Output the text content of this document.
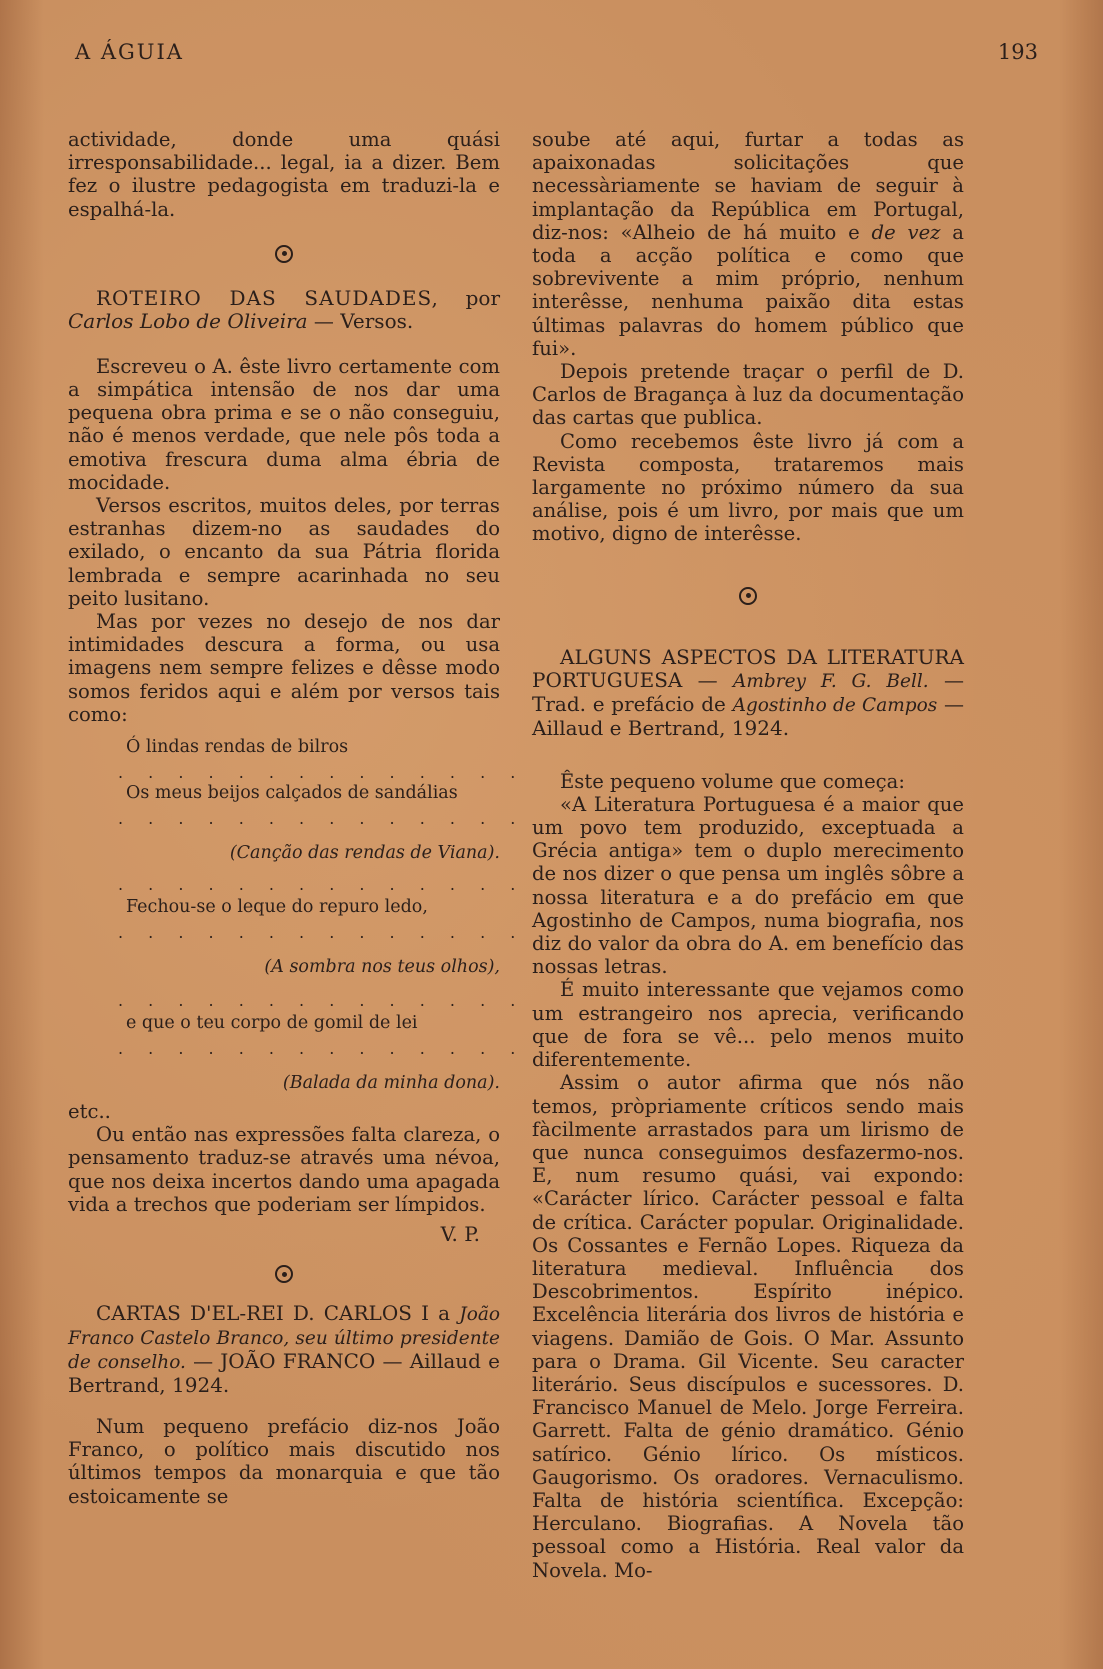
A ÁGUIA	193

actividade, donde uma quási irresponsabilidade... legal, ia a dizer. Bem fez o ilustre pedagogista em traduzi-la e espalhá-la.

ROTEIRO DAS SAUDADES, por Carlos Lobo de Oliveira — Versos.

Escreveu o A. êste livro certamente com a simpática intensão de nos dar uma pequena obra prima e se o não conseguiu, não é menos verdade, que nele pôs toda a emotiva frescura duma alma ébria de mocidade.

Versos escritos, muitos deles, por terras estranhas dizem-no as saudades do exilado, o encanto da sua Pátria florida lembrada e sempre acarinhada no seu peito lusitano.

Mas por vezes no desejo de nos dar intimidades descura a forma, ou usa imagens nem sempre felizes e dêsse modo somos feridos aqui e além por versos tais como:

Ó lindas rendas de bilros
. . . . . . . . . . . . . .
Os meus beijos calçados de sandálias
. . . . . . . . . . . . . .
(Canção das rendas de Viana).
. . . . . . . . . . . . . .
Fechou-se o leque do repuro ledo,
. . . . . . . . . . . . . .
(A sombra nos teus olhos),
. . . . . . . . . . . . . .
e que o teu corpo de gomil de lei
. . . . . . . . . . . . . .
(Balada da minha dona).

etc..

Ou então nas expressões falta clareza, o pensamento traduz-se através uma névoa, que nos deixa incertos dando uma apagada vida a trechos que poderiam ser límpidos.

V. P.

CARTAS D'EL-REI D. CARLOS I a João Franco Castelo Branco, seu último presidente de conselho. — JOÃO FRANCO — Aillaud e Bertrand, 1924.

Num pequeno prefácio diz-nos João Franco, o político mais discutido nos últimos tempos da monarquia e que tão estoicamente se

soube até aqui, furtar a todas as apaixonadas solicitações que necessàriamente se haviam de seguir à implantação da República em Portugal, diz-nos: «Alheio de há muito e de vez a toda a acção política e como que sobrevivente a mim próprio, nenhum interêsse, nenhuma paixão dita estas últimas palavras do homem público que fui».

Depois pretende traçar o perfil de D. Carlos de Bragança à luz da documentação das cartas que publica.

Como recebemos êste livro já com a Revista composta, trataremos mais largamente no próximo número da sua análise, pois é um livro, por mais que um motivo, digno de interêsse.

ALGUNS ASPECTOS DA LITERATURA PORTUGUESA — Ambrey F. G. Bell. — Trad. e prefácio de Agostinho de Campos — Aillaud e Bertrand, 1924.

Êste pequeno volume que começa:

«A Literatura Portuguesa é a maior que um povo tem produzido, exceptuada a Grécia antiga» tem o duplo merecimento de nos dizer o que pensa um inglês sôbre a nossa literatura e a do prefácio em que Agostinho de Campos, numa biografia, nos diz do valor da obra do A. em benefício das nossas letras.

É muito interessante que vejamos como um estrangeiro nos aprecia, verificando que de fora se vê... pelo menos muito diferentemente.

Assim o autor afirma que nós não temos, pròpriamente críticos sendo mais fàcilmente arrastados para um lirismo de que nunca conseguimos desfazermo-nos. E, num resumo quási, vai expondo: «Carácter lírico. Carácter pessoal e falta de crítica. Carácter popular. Originalidade. Os Cossantes e Fernão Lopes. Riqueza da literatura medieval. Influência dos Descobrimentos. Espírito inépico. Excelência literária dos livros de história e viagens. Damião de Gois. O Mar. Assunto para o Drama. Gil Vicente. Seu caracter literário. Seus discípulos e sucessores. D. Francisco Manuel de Melo. Jorge Ferreira. Garrett. Falta de génio dramático. Génio satírico. Génio lírico. Os místicos. Gaugorismo. Os oradores. Vernaculismo. Falta de história scientífica. Excepção: Herculano. Biografias. A Novela tão pessoal como a História. Real valor da Novela. Mo-
